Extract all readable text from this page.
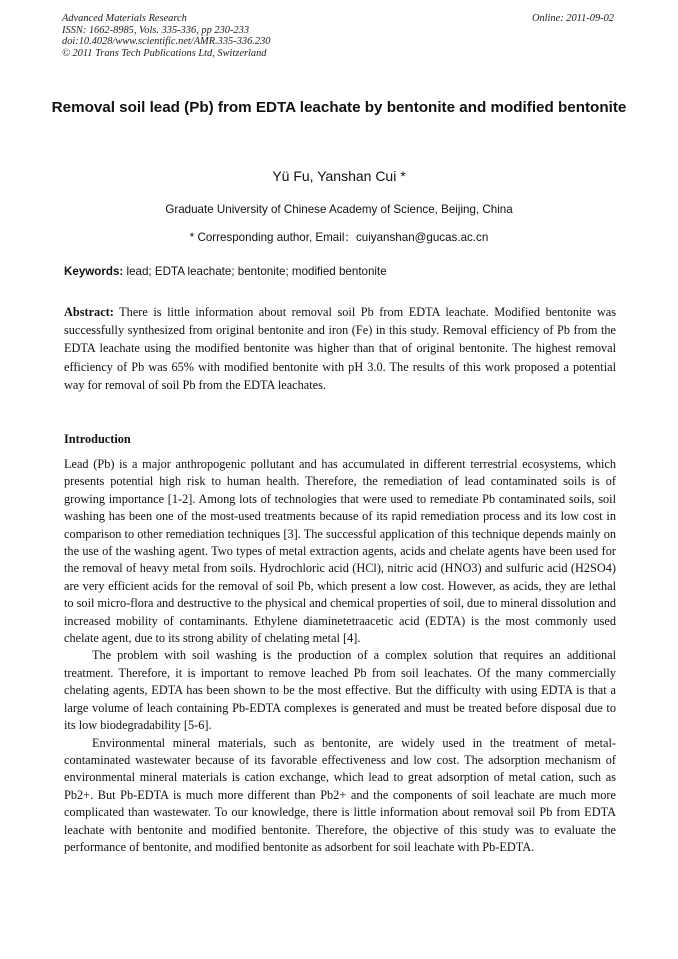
Advanced Materials Research
ISSN: 1662-8985, Vols. 335-336, pp 230-233
doi:10.4028/www.scientific.net/AMR.335-336.230
© 2011 Trans Tech Publications Ltd, Switzerland
Online: 2011-09-02
Removal soil lead (Pb) from EDTA leachate by bentonite and modified bentonite
Yü Fu, Yanshan Cui *
Graduate University of Chinese Academy of Science, Beijing, China
* Corresponding author, Email：cuiyanshan@gucas.ac.cn
Keywords: lead; EDTA leachate; bentonite; modified bentonite

Abstract: There is little information about removal soil Pb from EDTA leachate. Modified bentonite was successfully synthesized from original bentonite and iron (Fe) in this study. Removal efficiency of Pb from the EDTA leachate using the modified bentonite was higher than that of original bentonite. The highest removal efficiency of Pb was 65% with modified bentonite with pH 3.0. The results of this work proposed a potential way for removal of soil Pb from the EDTA leachates.

Introduction

Lead (Pb) is a major anthropogenic pollutant and has accumulated in different terrestrial ecosystems, which presents potential high risk to human health. Therefore, the remediation of lead contaminated soils is of growing importance [1-2]. Among lots of technologies that were used to remediate Pb contaminated soils, soil washing has been one of the most-used treatments because of its rapid remediation process and its low cost in comparison to other remediation techniques [3]. The successful application of this technique depends mainly on the use of the washing agent. Two types of metal extraction agents, acids and chelate agents have been used for the removal of heavy metal from soils. Hydrochloric acid (HCl), nitric acid (HNO3) and sulfuric acid (H2SO4) are very efficient acids for the removal of soil Pb, which present a low cost. However, as acids, they are lethal to soil micro-flora and destructive to the physical and chemical properties of soil, due to mineral dissolution and increased mobility of contaminants. Ethylene diaminetetraacetic acid (EDTA) is the most commonly used chelate agent, due to its strong ability of chelating metal [4].

The problem with soil washing is the production of a complex solution that requires an additional treatment. Therefore, it is important to remove leached Pb from soil leachates. Of the many commercially chelating agents, EDTA has been shown to be the most effective. But the difficulty with using EDTA is that a large volume of leach containing Pb-EDTA complexes is generated and must be treated before disposal due to its low biodegradability [5-6].

Environmental mineral materials, such as bentonite, are widely used in the treatment of metal-contaminated wastewater because of its favorable effectiveness and low cost. The adsorption mechanism of environmental mineral materials is cation exchange, which lead to great adsorption of metal cation, such as Pb2+. But Pb-EDTA is much more different than Pb2+ and the components of soil leachate are much more complicated than wastewater. To our knowledge, there is little information about removal soil Pb from EDTA leachate with bentonite and modified bentonite. Therefore, the objective of this study was to evaluate the performance of bentonite, and modified bentonite as adsorbent for soil leachate with Pb-EDTA.
